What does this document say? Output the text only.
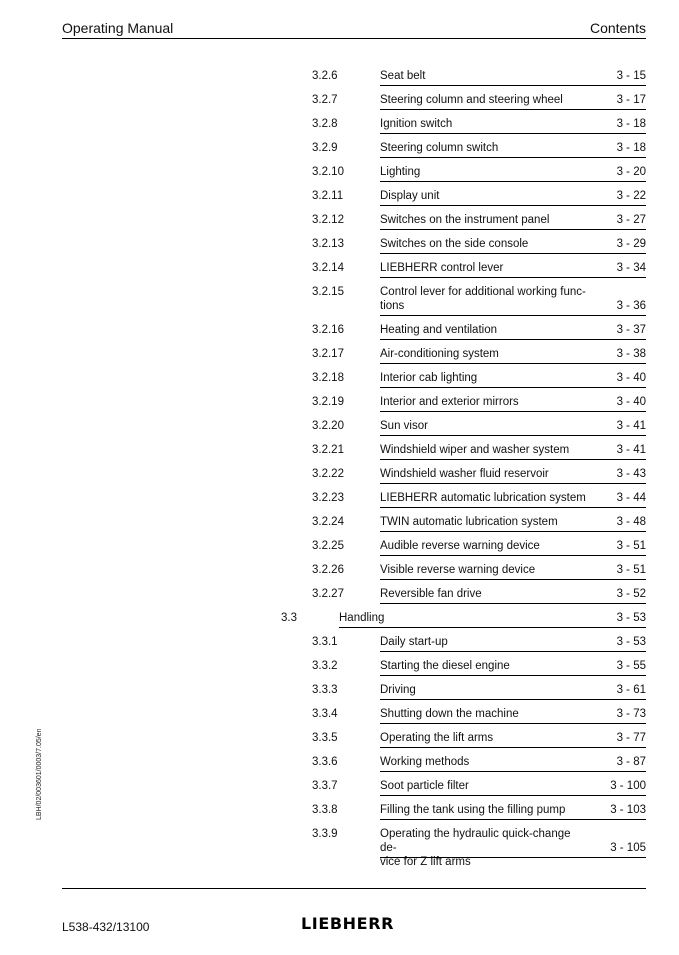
Operating Manual	Contents
LBH/02/003601/0003/7.05/en
3.2.6	Seat belt	3 - 15
3.2.7	Steering column and steering wheel	3 - 17
3.2.8	Ignition switch	3 - 18
3.2.9	Steering column switch	3 - 18
3.2.10	Lighting	3 - 20
3.2.11	Display unit	3 - 22
3.2.12	Switches on the instrument panel	3 - 27
3.2.13	Switches on the side console	3 - 29
3.2.14	LIEBHERR control lever	3 - 34
3.2.15	Control lever for additional working func-
tions	3 - 36
3.2.16	Heating and ventilation	3 - 37
3.2.17	Air-conditioning system	3 - 38
3.2.18	Interior cab lighting	3 - 40
3.2.19	Interior and exterior mirrors	3 - 40
3.2.20	Sun visor	3 - 41
3.2.21	Windshield wiper and washer system	3 - 41
3.2.22	Windshield washer fluid reservoir	3 - 43
3.2.23	LIEBHERR automatic lubrication system	3 - 44
3.2.24	TWIN automatic lubrication system	3 - 48
3.2.25	Audible reverse warning device	3 - 51
3.2.26	Visible reverse warning device	3 - 51
3.2.27	Reversible fan drive	3 - 52
3.3	Handling	3 - 53
3.3.1	Daily start-up	3 - 53
3.3.2	Starting the diesel engine	3 - 55
3.3.3	Driving	3 - 61
3.3.4	Shutting down the machine	3 - 73
3.3.5	Operating the lift arms	3 - 77
3.3.6	Working methods	3 - 87
3.3.7	Soot particle filter	3 - 100
3.3.8	Filling the tank using the filling pump	3 - 103
3.3.9	Operating the hydraulic quick-change de-
vice for Z lift arms
3 - 105
L538-432/13100	LIEBHERR
